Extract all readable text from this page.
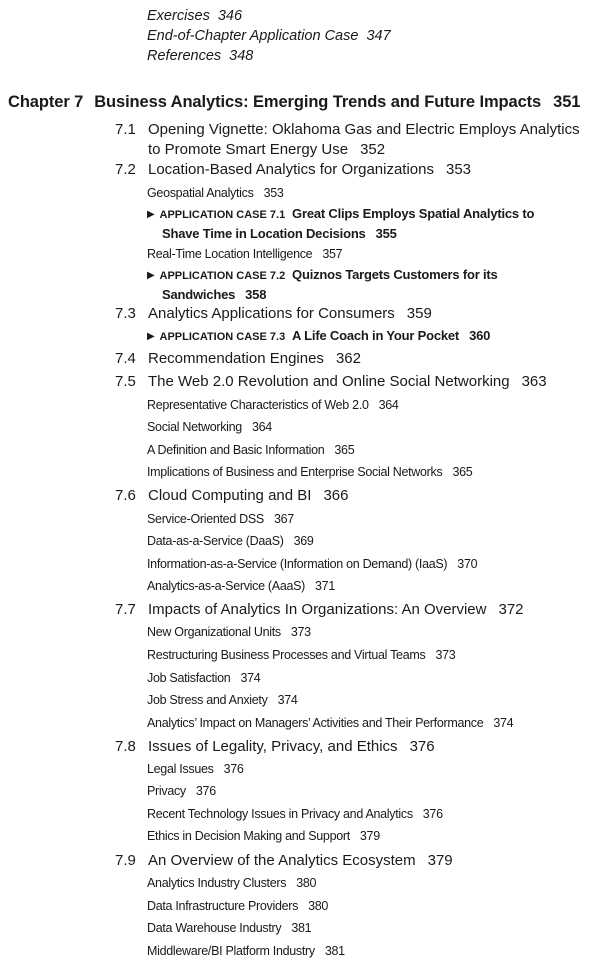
Exercises 346
End-of-Chapter Application Case 347
References 348
Chapter 7 Business Analytics: Emerging Trends and Future Impacts 351
7.1 Opening Vignette: Oklahoma Gas and Electric Employs Analytics
to Promote Smart Energy Use 352
7.2 Location-Based Analytics for Organizations 353
Geospatial Analytics 353
▶ APPLICATION CASE 7.1 Great Clips Employs Spatial Analytics to
Shave Time in Location Decisions 355
Real-Time Location Intelligence 357
▶ APPLICATION CASE 7.2 Quiznos Targets Customers for its
Sandwiches 358
7.3 Analytics Applications for Consumers 359
▶ APPLICATION CASE 7.3 A Life Coach in Your Pocket 360
7.4 Recommendation Engines 362
7.5 The Web 2.0 Revolution and Online Social Networking 363
Representative Characteristics of Web 2.0 364
Social Networking 364
A Definition and Basic Information 365
Implications of Business and Enterprise Social Networks 365
7.6 Cloud Computing and BI 366
Service-Oriented DSS 367
Data-as-a-Service (DaaS) 369
Information-as-a-Service (Information on Demand) (IaaS) 370
Analytics-as-a-Service (AaaS) 371
7.7 Impacts of Analytics In Organizations: An Overview 372
New Organizational Units 373
Restructuring Business Processes and Virtual Teams 373
Job Satisfaction 374
Job Stress and Anxiety 374
Analytics’ Impact on Managers’ Activities and Their Performance 374
7.8 Issues of Legality, Privacy, and Ethics 376
Legal Issues 376
Privacy 376
Recent Technology Issues in Privacy and Analytics 376
Ethics in Decision Making and Support 379
7.9 An Overview of the Analytics Ecosystem 379
Analytics Industry Clusters 380
Data Infrastructure Providers 380
Data Warehouse Industry 381
Middleware/BI Platform Industry 381
